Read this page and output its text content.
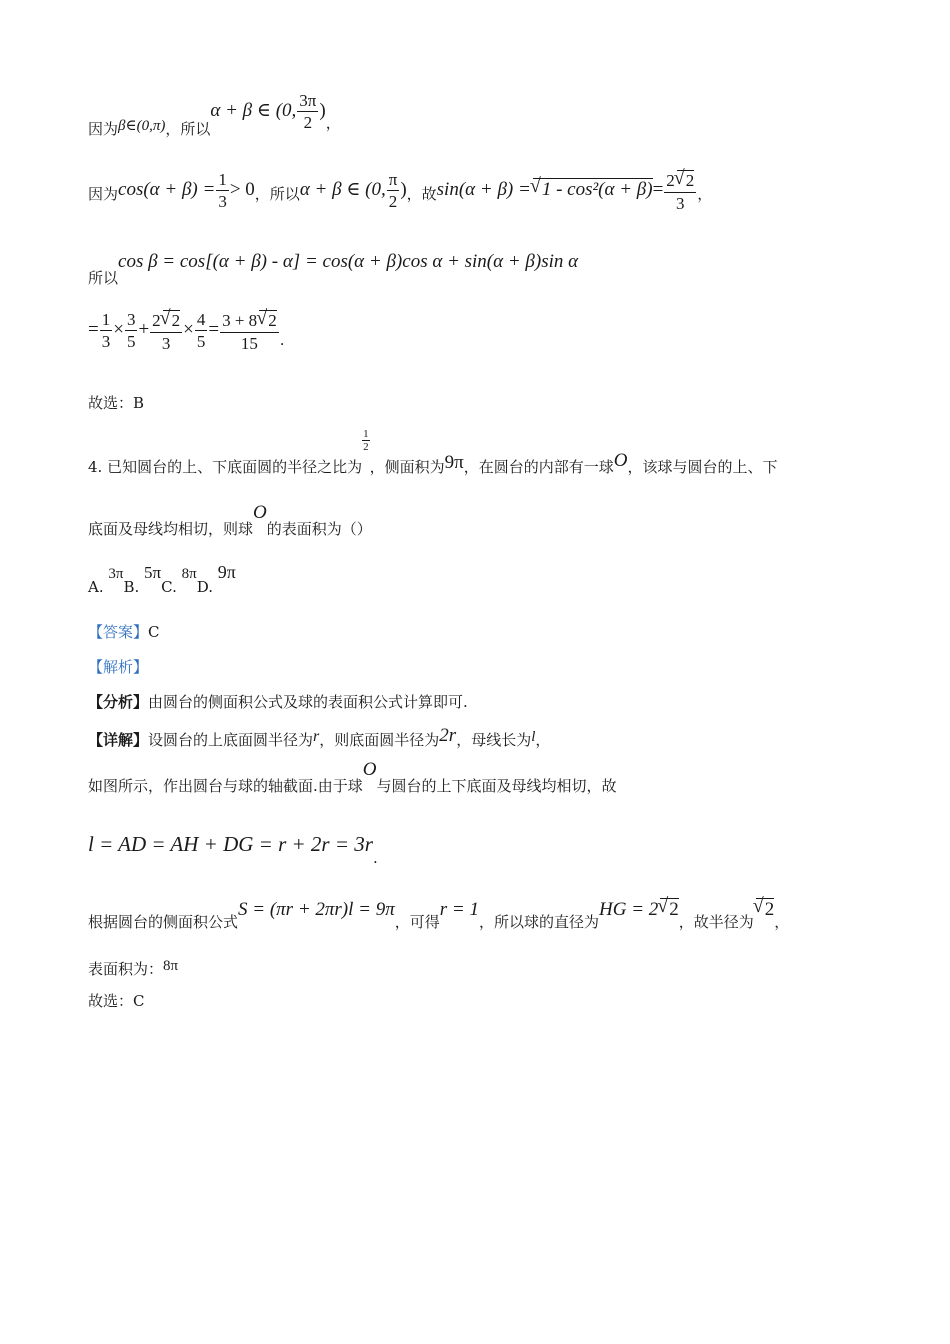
因为β∈(0,π)，所以α + β ∈ (0, $\frac{3\pi}{2}$ )，
因为$\cos(\alpha + \beta) = \frac{1}{3} > 0$，所以α + β ∈ (0, $\frac{\pi}{2}$ )，故sin(α + β) = √ $1 - \cos^2(\alpha + \beta)= \frac{2 √ 2}{3}$ ，
所以cos β = cos[(α + β) - α] = cos(α + β)cos α + sin(α + β)sin α
= $\frac{1}{3} \times \frac{3}{5} + \frac{2 √ 2}{3} \times \frac{4}{5} = \frac{3 + 8 √ 2}{15}$ .
故选：B
4. 已知圆台的上、下底面圆的半径之比为
$\frac{1}{2}$
，侧面积为9π，在圆台的内部有一球O，该球与圆台的上、下
底面及母线均相切，则球O的表面积为（）
A. 3πB. 5πC. 8πD. 9π
【答案】C
【解析】
【分析】由圆台的侧面积公式及球的表面积公式计算即可.
【详解】设圆台的上底面圆半径为r，则底面圆半径为2r，母线长为l，
如图所示，作出圆台与球的轴截面.由于球O与圆台的上下底面及母线均相切，故
l = AD = AH + DG = r + 2r = 3r.
根据圆台的侧面积公式S = (πr + 2πr)l = 9π，可得r = 1，所以球的直径为HG = 2 √ 2，故半径为√ 2，
表面积为：8π
故选：C
